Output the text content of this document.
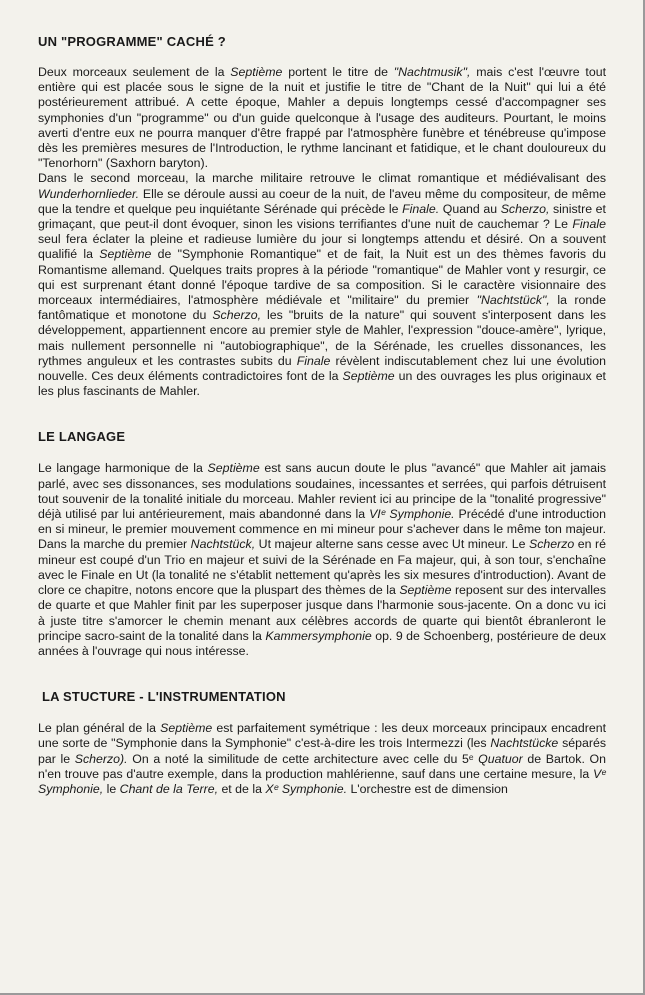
UN "PROGRAMME" CACHÉ ?

Deux morceaux seulement de la Septième portent le titre de "Nachtmusik", mais c'est l'œuvre tout entière qui est placée sous le signe de la nuit et justifie le titre de "Chant de la Nuit" qui lui a été postérieurement attribué. A cette époque, Mahler a depuis longtemps cessé d'accompagner ses symphonies d'un "programme" ou d'un guide quelconque à l'usage des auditeurs. Pourtant, le moins averti d'entre eux ne pourra manquer d'être frappé par l'atmosphère funèbre et ténébreuse qu'impose dès les premières mesures de l'Introduction, le rythme lancinant et fatidique, et le chant douloureux du "Tenorhorn" (Saxhorn baryton).

Dans le second morceau, la marche militaire retrouve le climat romantique et médiévalisant des Wunderhornlieder. Elle se déroule aussi au coeur de la nuit, de l'aveu même du compositeur, de même que la tendre et quelque peu inquiétante Sérénade qui précède le Finale. Quand au Scherzo, sinistre et grimaçant, que peut-il dont évoquer, sinon les visions terrifiantes d'une nuit de cauchemar ? Le Finale seul fera éclater la pleine et radieuse lumière du jour si longtemps attendu et désiré. On a souvent qualifié la Septième de "Symphonie Romantique" et de fait, la Nuit est un des thèmes favoris du Romantisme allemand. Quelques traits propres à la période "romantique" de Mahler vont y resurgir, ce qui est surprenant étant donné l'époque tardive de sa composition. Si le caractère visionnaire des morceaux intermédiaires, l'atmosphère médiévale et "militaire" du premier "Nachtstück", la ronde fantômatique et monotone du Scherzo, les "bruits de la nature" qui souvent s'interposent dans les développement, appartiennent encore au premier style de Mahler, l'expression "douce-amère", lyrique, mais nullement personnelle ni "autobiographique", de la Sérénade, les cruelles dissonances, les rythmes anguleux et les contrastes subits du Finale révèlent indiscutablement chez lui une évolution nouvelle. Ces deux éléments contradictoires font de la Septième un des ouvrages les plus originaux et les plus fascinants de Mahler.

LE LANGAGE

Le langage harmonique de la Septième est sans aucun doute le plus "avancé" que Mahler ait jamais parlé, avec ses dissonances, ses modulations soudaines, incessantes et serrées, qui parfois détruisent tout souvenir de la tonalité initiale du morceau. Mahler revient ici au principe de la "tonalité progressive" déjà utilisé par lui antérieurement, mais abandonné dans la VIᵉ Symphonie. Précédé d'une introduction en si mineur, le premier mouvement commence en mi mineur pour s'achever dans le même ton majeur. Dans la marche du premier Nachtstück, Ut majeur alterne sans cesse avec Ut mineur. Le Scherzo en ré mineur est coupé d'un Trio en majeur et suivi de la Sérénade en Fa majeur, qui, à son tour, s'enchaîne avec le Finale en Ut (la tonalité ne s'établit nettement qu'après les six mesures d'introduction). Avant de clore ce chapitre, notons encore que la pluspart des thèmes de la Septième reposent sur des intervalles de quarte et que Mahler finit par les superposer jusque dans l'harmonie sous-jacente. On a donc vu ici à juste titre s'amorcer le chemin menant aux célèbres accords de quarte qui bientôt ébranleront le principe sacro-saint de la tonalité dans la Kammersymphonie op. 9 de Schoenberg, postérieure de deux années à l'ouvrage qui nous intéresse.

LA STUCTURE - L'INSTRUMENTATION

Le plan général de la Septième est parfaitement symétrique : les deux morceaux principaux encadrent une sorte de "Symphonie dans la Symphonie" c'est-à-dire les trois Intermezzi (les Nachtstücke séparés par le Scherzo). On a noté la similitude de cette architecture avec celle du 5ᵉ Quatuor de Bartok. On n'en trouve pas d'autre exemple, dans la production mahlérienne, sauf dans une certaine mesure, la Vᵉ Symphonie, le Chant de la Terre, et de la Xᵉ Symphonie. L'orchestre est de dimension
